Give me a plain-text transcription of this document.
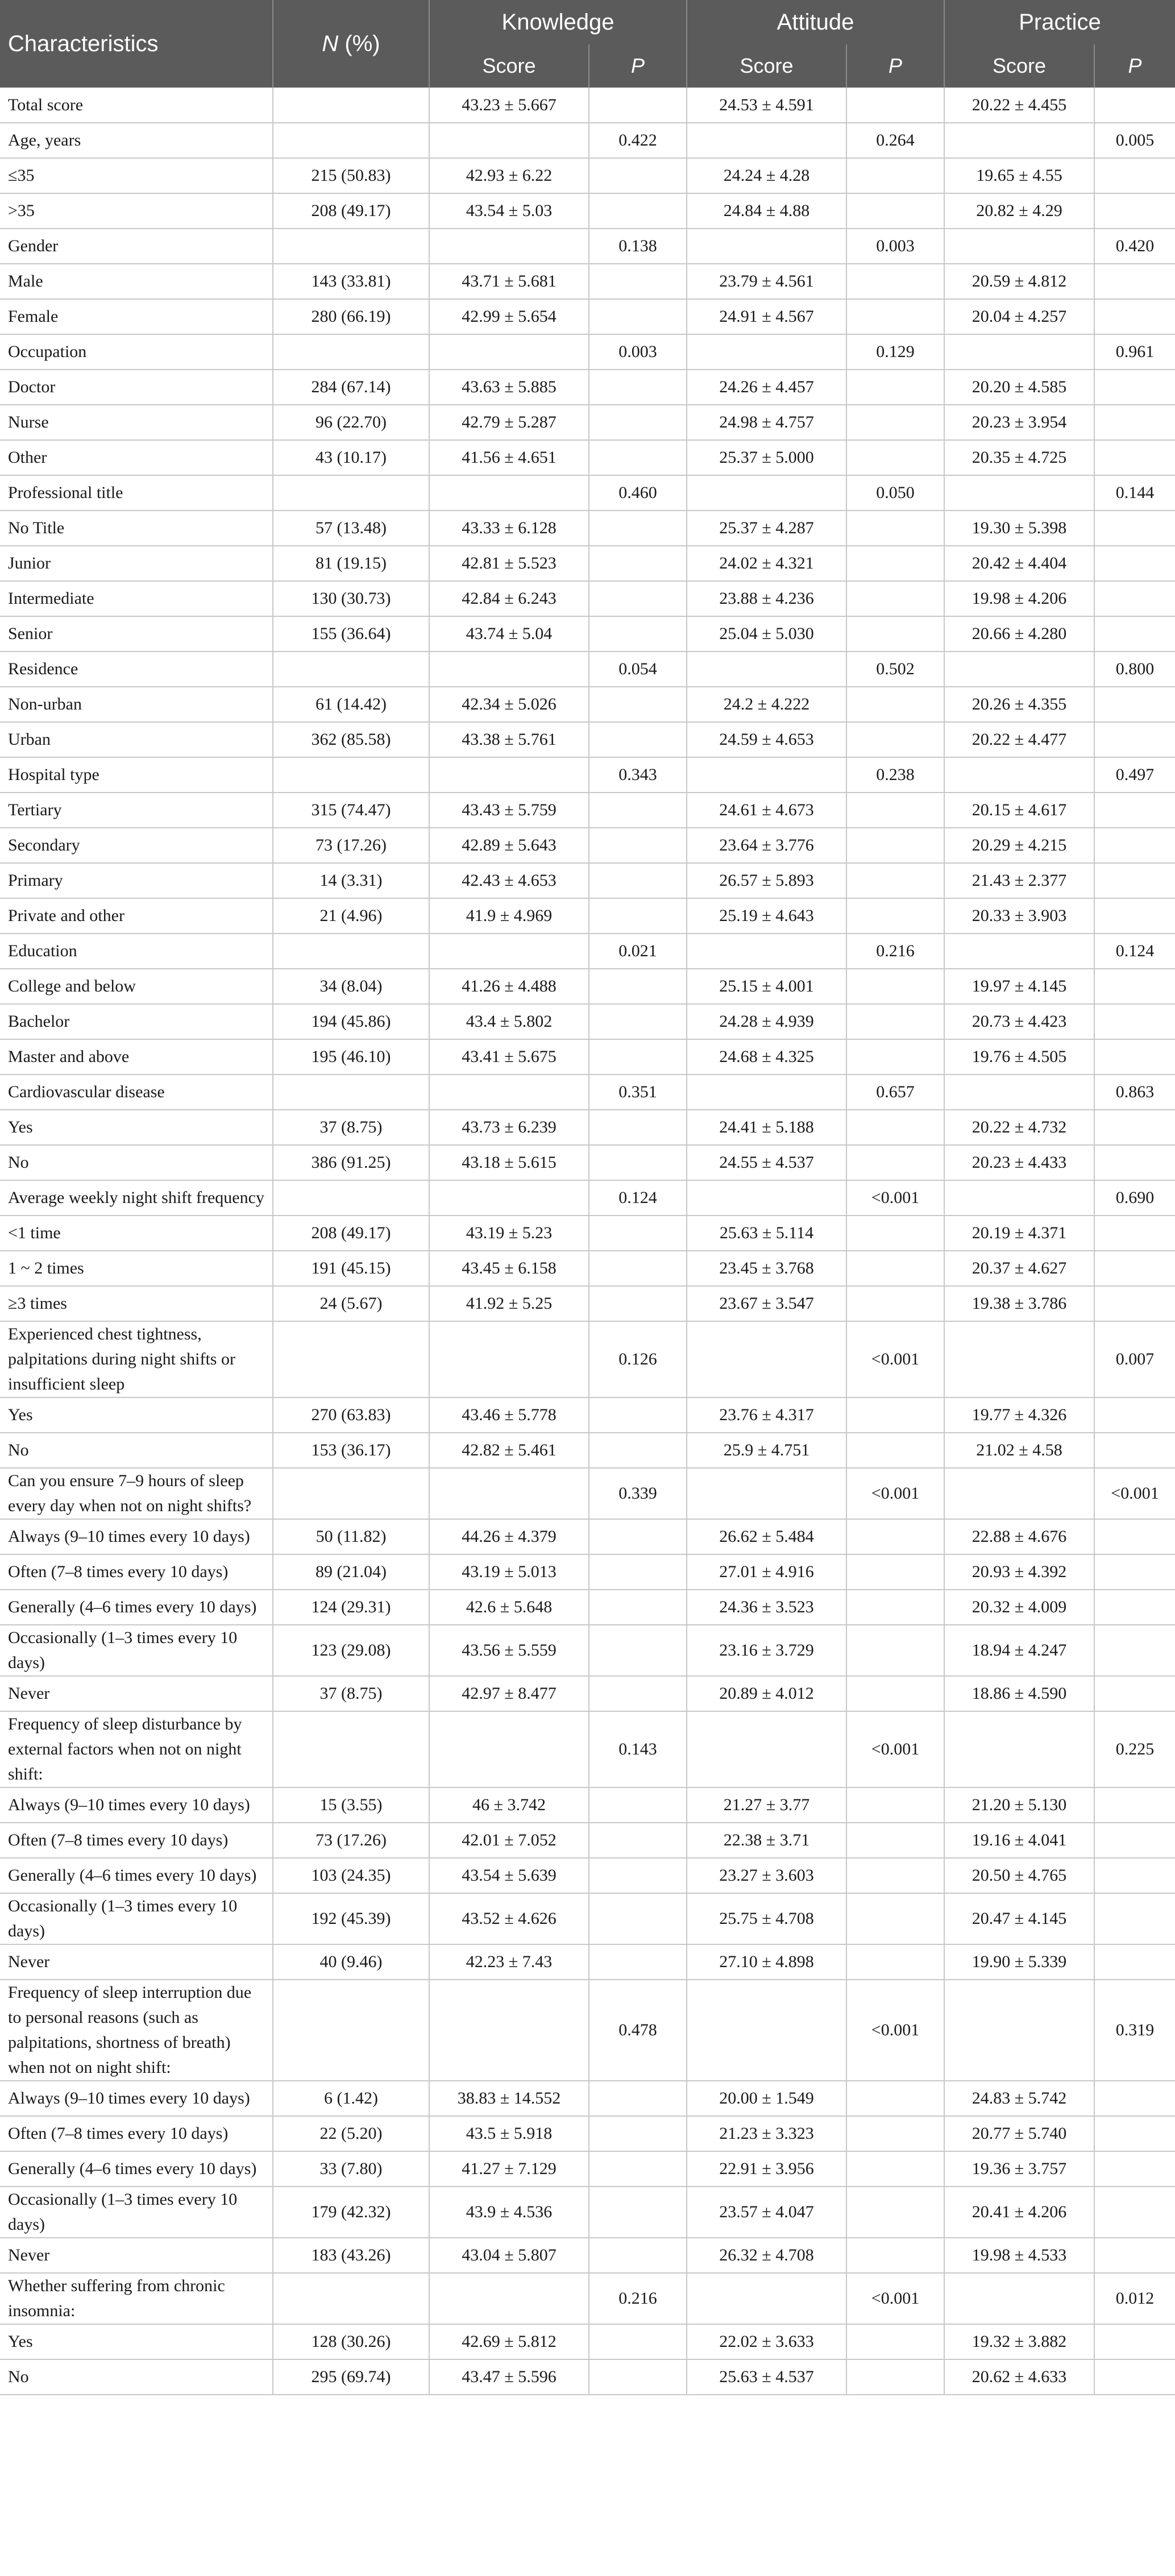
Characteristics	N (%)	Knowledge		Attitude		Practice	
		Score	P	Score	P	Score	P
Total score		43.23 ± 5.667		24.53 ± 4.591		20.22 ± 4.455	
Age, years			0.422		0.264		0.005
≤35	215 (50.83)	42.93 ± 6.22		24.24 ± 4.28		19.65 ± 4.55	
>35	208 (49.17)	43.54 ± 5.03		24.84 ± 4.88		20.82 ± 4.29	
Gender			0.138		0.003		0.420
Male	143 (33.81)	43.71 ± 5.681		23.79 ± 4.561		20.59 ± 4.812	
Female	280 (66.19)	42.99 ± 5.654		24.91 ± 4.567		20.04 ± 4.257	
Occupation			0.003		0.129		0.961
Doctor	284 (67.14)	43.63 ± 5.885		24.26 ± 4.457		20.20 ± 4.585	
Nurse	96 (22.70)	42.79 ± 5.287		24.98 ± 4.757		20.23 ± 3.954	
Other	43 (10.17)	41.56 ± 4.651		25.37 ± 5.000		20.35 ± 4.725	
Professional title			0.460		0.050		0.144
No Title	57 (13.48)	43.33 ± 6.128		25.37 ± 4.287		19.30 ± 5.398	
Junior	81 (19.15)	42.81 ± 5.523		24.02 ± 4.321		20.42 ± 4.404	
Intermediate	130 (30.73)	42.84 ± 6.243		23.88 ± 4.236		19.98 ± 4.206	
Senior	155 (36.64)	43.74 ± 5.04		25.04 ± 5.030		20.66 ± 4.280	
Residence			0.054		0.502		0.800
Non-urban	61 (14.42)	42.34 ± 5.026		24.2 ± 4.222		20.26 ± 4.355	
Urban	362 (85.58)	43.38 ± 5.761		24.59 ± 4.653		20.22 ± 4.477	
Hospital type			0.343		0.238		0.497
Tertiary	315 (74.47)	43.43 ± 5.759		24.61 ± 4.673		20.15 ± 4.617	
Secondary	73 (17.26)	42.89 ± 5.643		23.64 ± 3.776		20.29 ± 4.215	
Primary	14 (3.31)	42.43 ± 4.653		26.57 ± 5.893		21.43 ± 2.377	
Private and other	21 (4.96)	41.9 ± 4.969		25.19 ± 4.643		20.33 ± 3.903	
Education			0.021		0.216		0.124
College and below	34 (8.04)	41.26 ± 4.488		25.15 ± 4.001		19.97 ± 4.145	
Bachelor	194 (45.86)	43.4 ± 5.802		24.28 ± 4.939		20.73 ± 4.423	
Master and above	195 (46.10)	43.41 ± 5.675		24.68 ± 4.325		19.76 ± 4.505	
Cardiovascular disease			0.351		0.657		0.863
Yes	37 (8.75)	43.73 ± 6.239		24.41 ± 5.188		20.22 ± 4.732	
No	386 (91.25)	43.18 ± 5.615		24.55 ± 4.537		20.23 ± 4.433	
Average weekly night shift frequency			0.124		<0.001		0.690
<1 time	208 (49.17)	43.19 ± 5.23		25.63 ± 5.114		20.19 ± 4.371	
1 ~ 2 times	191 (45.15)	43.45 ± 6.158		23.45 ± 3.768		20.37 ± 4.627	
≥3 times	24 (5.67)	41.92 ± 5.25		23.67 ± 3.547		19.38 ± 3.786	
Experienced chest tightness, palpitations during night shifts or insufficient sleep			0.126		<0.001		0.007
Yes	270 (63.83)	43.46 ± 5.778		23.76 ± 4.317		19.77 ± 4.326	
No	153 (36.17)	42.82 ± 5.461		25.9 ± 4.751		21.02 ± 4.58	
Can you ensure 7–9 hours of sleep every day when not on night shifts?			0.339		<0.001		<0.001
Always (9–10 times every 10 days)	50 (11.82)	44.26 ± 4.379		26.62 ± 5.484		22.88 ± 4.676	
Often (7–8 times every 10 days)	89 (21.04)	43.19 ± 5.013		27.01 ± 4.916		20.93 ± 4.392	
Generally (4–6 times every 10 days)	124 (29.31)	42.6 ± 5.648		24.36 ± 3.523		20.32 ± 4.009	
Occasionally (1–3 times every 10 days)	123 (29.08)	43.56 ± 5.559		23.16 ± 3.729		18.94 ± 4.247	
Never	37 (8.75)	42.97 ± 8.477		20.89 ± 4.012		18.86 ± 4.590	
Frequency of sleep disturbance by external factors when not on night shift:			0.143		<0.001		0.225
Always (9–10 times every 10 days)	15 (3.55)	46 ± 3.742		21.27 ± 3.77		21.20 ± 5.130	
Often (7–8 times every 10 days)	73 (17.26)	42.01 ± 7.052		22.38 ± 3.71		19.16 ± 4.041	
Generally (4–6 times every 10 days)	103 (24.35)	43.54 ± 5.639		23.27 ± 3.603		20.50 ± 4.765	
Occasionally (1–3 times every 10 days)	192 (45.39)	43.52 ± 4.626		25.75 ± 4.708		20.47 ± 4.145	
Never	40 (9.46)	42.23 ± 7.43		27.10 ± 4.898		19.90 ± 5.339	
Frequency of sleep interruption due to personal reasons (such as palpitations, shortness of breath) when not on night shift:			0.478		<0.001		0.319
Always (9–10 times every 10 days)	6 (1.42)	38.83 ± 14.552		20.00 ± 1.549		24.83 ± 5.742	
Often (7–8 times every 10 days)	22 (5.20)	43.5 ± 5.918		21.23 ± 3.323		20.77 ± 5.740	
Generally (4–6 times every 10 days)	33 (7.80)	41.27 ± 7.129		22.91 ± 3.956		19.36 ± 3.757	
Occasionally (1–3 times every 10 days)	179 (42.32)	43.9 ± 4.536		23.57 ± 4.047		20.41 ± 4.206	
Never	183 (43.26)	43.04 ± 5.807		26.32 ± 4.708		19.98 ± 4.533	
Whether suffering from chronic insomnia:			0.216		<0.001		0.012
Yes	128 (30.26)	42.69 ± 5.812		22.02 ± 3.633		19.32 ± 3.882	
No	295 (69.74)	43.47 ± 5.596		25.63 ± 4.537		20.62 ± 4.633	
